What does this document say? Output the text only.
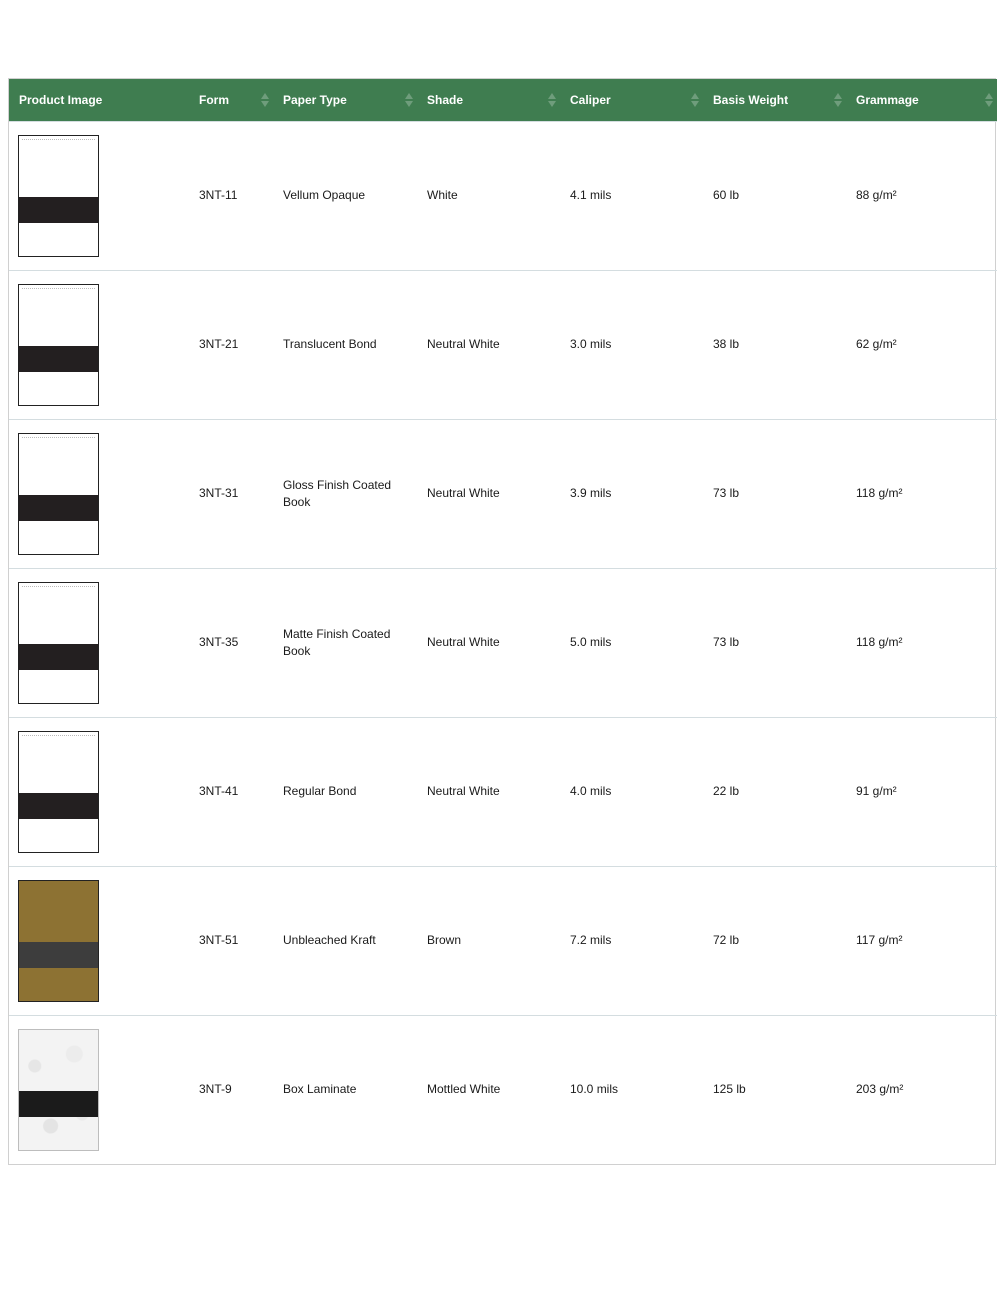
Product Image	Form	Paper Type	Shade	Caliper	Basis Weight	Grammage

	3NT-11	Vellum Opaque	White	4.1 mils	60 lb	88 g/m²

	3NT-21	Translucent Bond	Neutral White	3.0 mils	38 lb	62 g/m²

	3NT-31	Gloss Finish Coated Book	Neutral White	3.9 mils	73 lb	118 g/m²

	3NT-35	Matte Finish Coated Book	Neutral White	5.0 mils	73 lb	118 g/m²

	3NT-41	Regular Bond	Neutral White	4.0 mils	22 lb	91 g/m²

	3NT-51	Unbleached Kraft	Brown	7.2 mils	72 lb	117 g/m²

	3NT-9	Box Laminate	Mottled White	10.0 mils	125 lb	203 g/m²
